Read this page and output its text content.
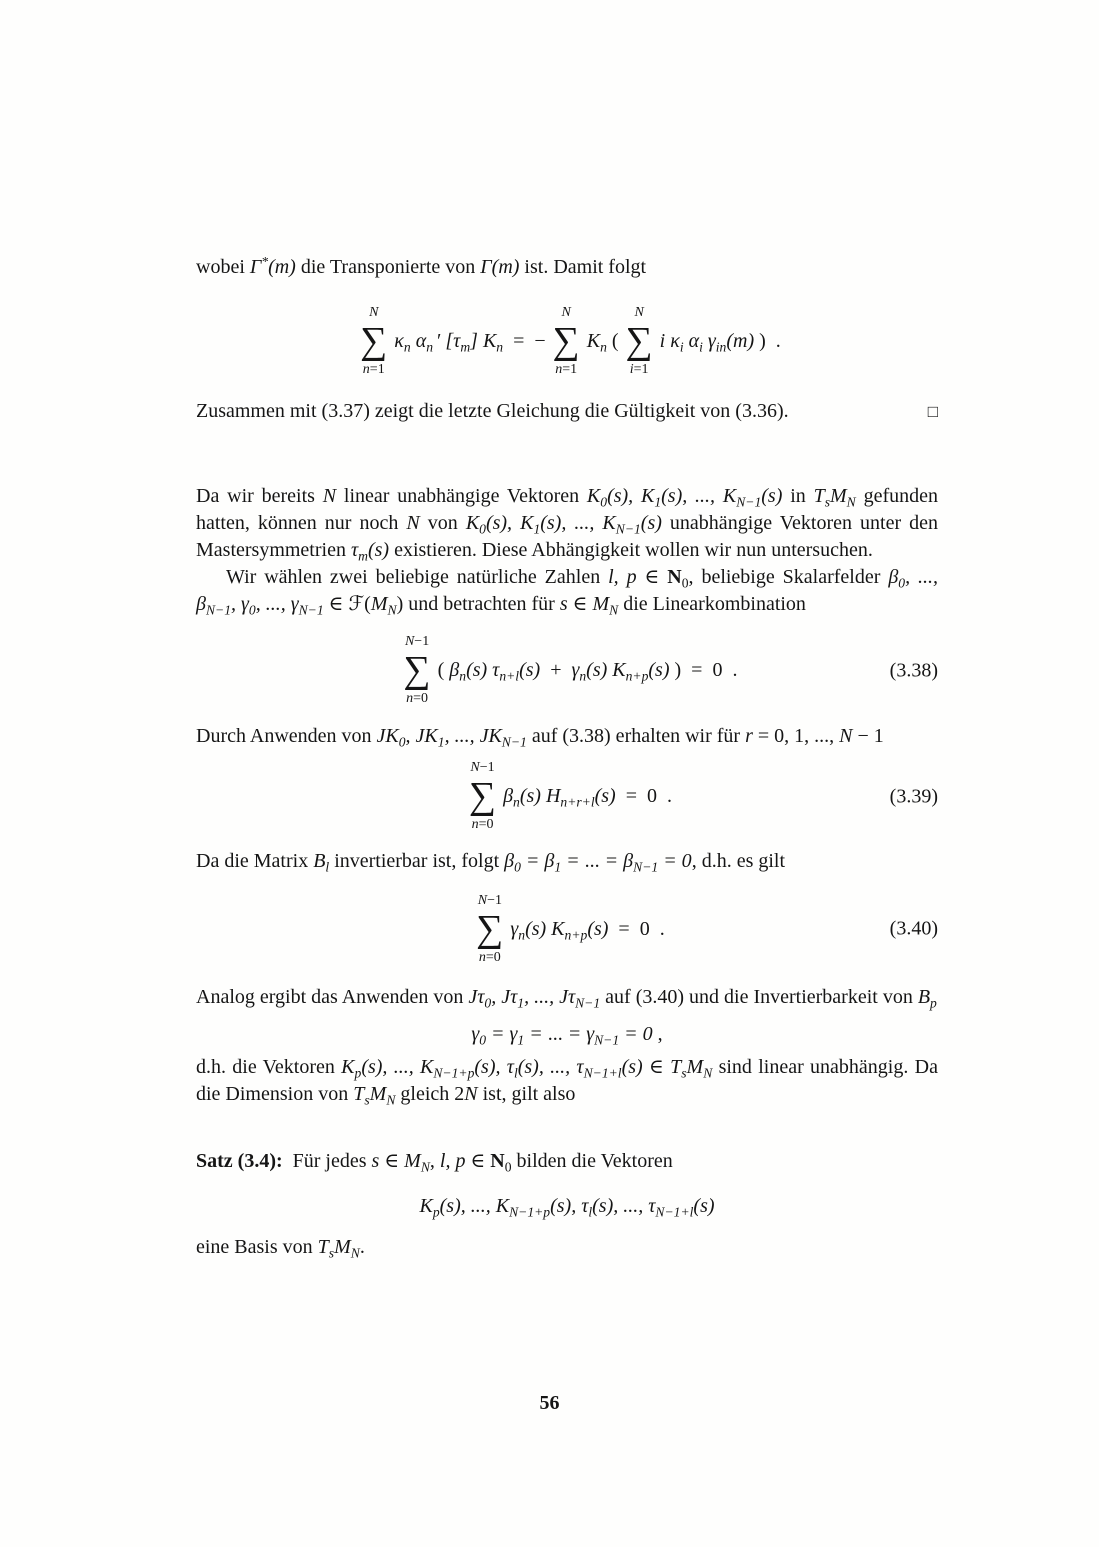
wobei Γ*(m) die Transponierte von Γ(m) ist. Damit folgt

N
∑
n=1
$\kappa_n$ $\alpha_n$ ′ $[\tau_m]$ $K_n$ = −
N
∑
n=1
$K_n$ (
N
∑
i=1
i $\kappa_i$ $\alpha_i$ $\gamma_{in}(m)$ ) .

Zusammen mit (3.37) zeigt die letzte Gleichung die Gültigkeit von (3.36).	□

Da wir bereits N linear unabhängige Vektoren $K_0(s)$, $K_1(s)$, ..., $K_{N-1}(s)$ in $T_sM_N$ gefunden hatten, können nur noch N von $K_0(s)$, $K_1(s)$, ..., $K_{N-1}(s)$ unabhängige Vektoren unter den Mastersymmetrien $\tau_m(s)$ existieren. Diese Abhängigkeit wollen wir nun untersuchen.

Wir wählen zwei beliebige natürliche Zahlen l, p ∈ $N_0$, beliebige Skalarfelder $\beta_0$, ..., $\beta_{N-1}$, $\gamma_0$, ..., $\gamma_{N-1}$ ∈ $ℱ(M_N)$ und betrachten für s ∈ $M_N$ die Linearkombination

N−1
∑
n=0
( $\beta_n(s)$ $\tau_{n+l}(s)$ + $\gamma_n(s)$ $K_{n+p}(s)$ ) = 0 .	(3.38)

Durch Anwenden von $JK_0$, $JK_1$, ..., $JK_{N-1}$ auf (3.38) erhalten wir für r = 0, 1, ..., N − 1

N−1
∑
n=0
$\beta_n(s)$ $H_{n+r+l}(s)$ = 0 .	(3.39)

Da die Matrix $B_l$ invertierbar ist, folgt $\beta_0 = \beta_1$ = ... = $\beta_{N-1} = 0$, d.h. es gilt

N−1
∑
n=0
$\gamma_n(s)$ $K_{n+p}(s)$ = 0 .	(3.40)

Analog ergibt das Anwenden von $J\tau_0$, $J\tau_1$, ..., $J\tau_{N-1}$ auf (3.40) und die Invertierbarkeit von $B_p$

$\gamma_0 = \gamma_1$ = ... = $\gamma_{N-1} = 0$ ,

d.h. die Vektoren $K_p(s)$, ..., $K_{N-1+p}(s)$, $\tau_l(s)$, ..., $\tau_{N-1+l}(s)$ ∈ $T_sM_N$ sind linear unabhängig. Da die Dimension von $T_sM_N$ gleich 2N ist, gilt also

Satz (3.4): Für jedes s ∈ $M_N$, l, p ∈ $N_0$ bilden die Vektoren

$K_p(s)$, ..., $K_{N-1+p}(s)$, $\tau_l(s)$, ..., $\tau_{N-1+l}(s)$

eine Basis von $T_sM_N$.

56
